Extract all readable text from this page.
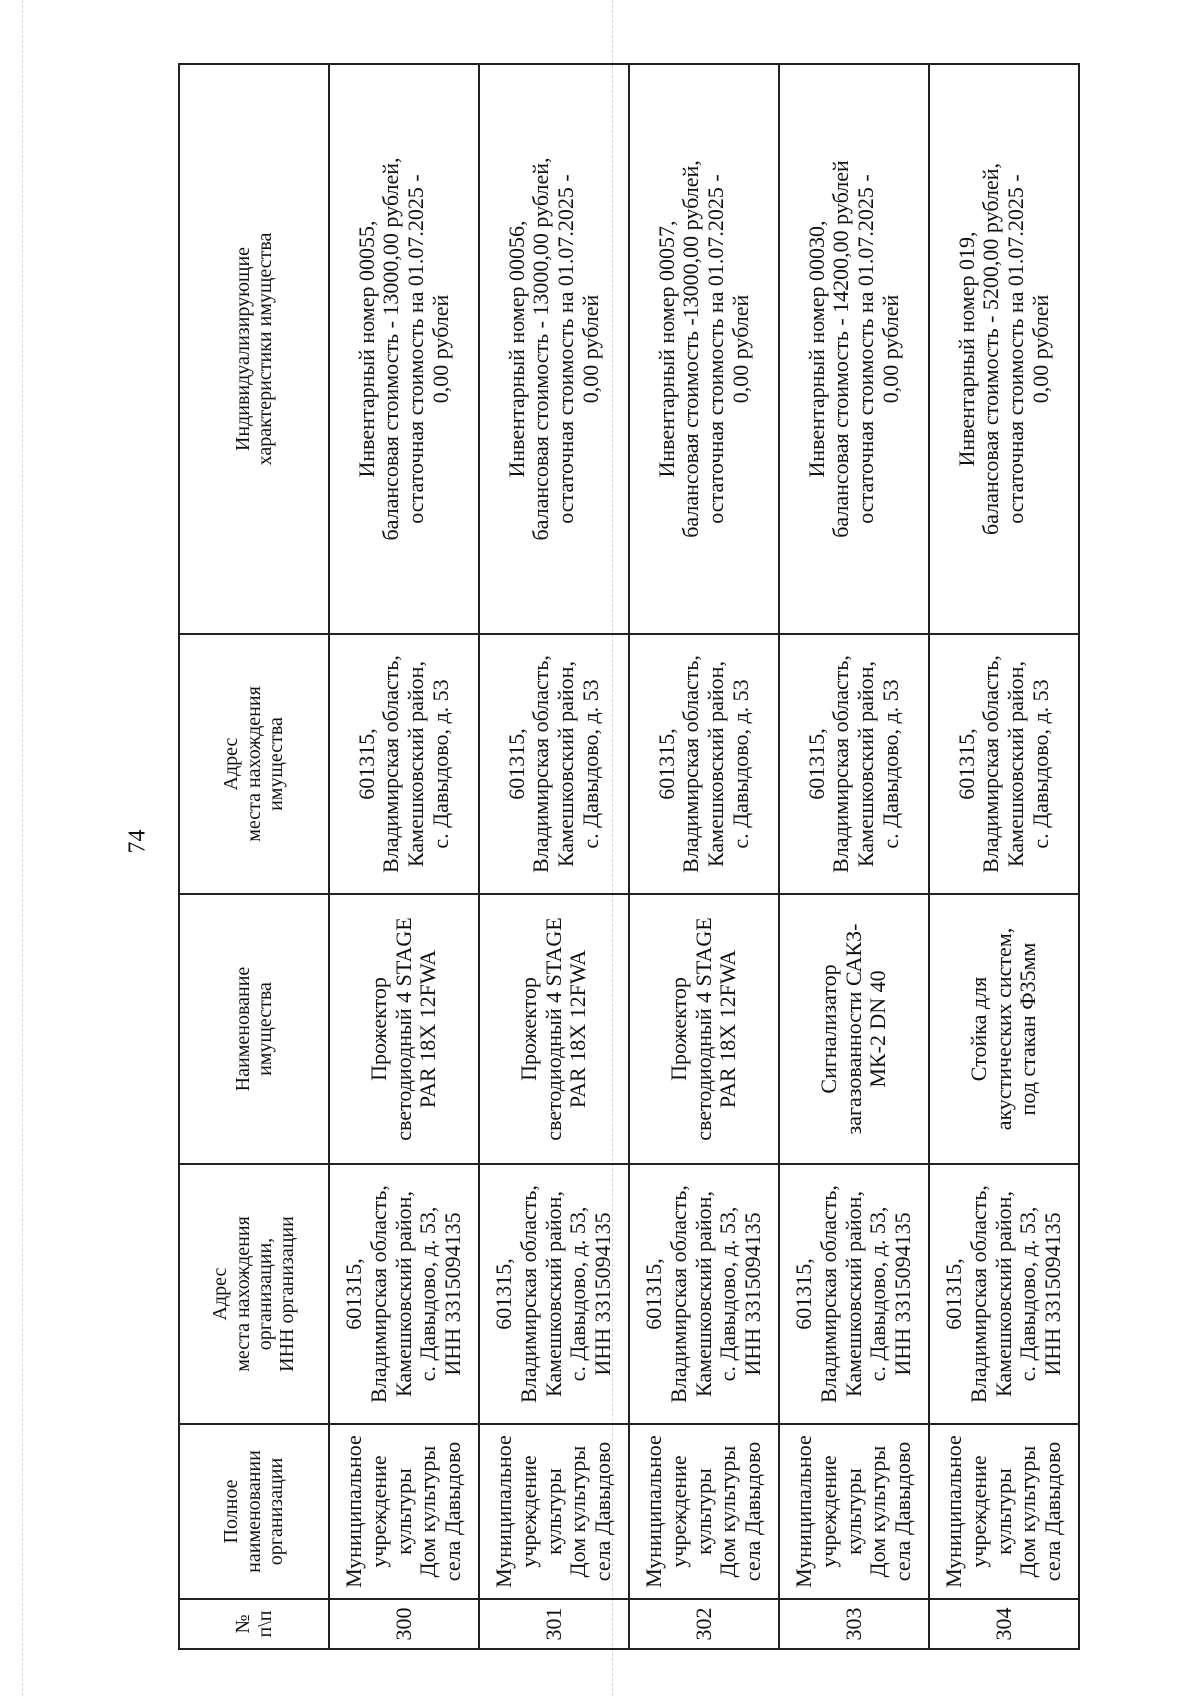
74
№
п\п	Полное
наименовании
организации	Адрес
места нахождения
организации,
ИНН организации	Наименование
имущества	Адрес
места нахождения
имущества	Индивидуализирующие
характеристики имущества
300	Муниципальное
учреждение
культуры
Дом культуры
села Давыдово	601315,
Владимирская область,
Камешковский район,
с. Давыдово, д. 53,
ИНН 3315094135	Прожектор
светодиодный 4 STAGE
PAR 18X 12FWA	601315,
Владимирская область,
Камешковский район,
с. Давыдово, д. 53	Инвентарный номер 00055,
балансовая стоимость - 13000,00 рублей,
остаточная стоимость на 01.07.2025 -
0,00 рублей
301	Муниципальное
учреждение
культуры
Дом культуры
села Давыдово	601315,
Владимирская область,
Камешковский район,
с. Давыдово, д. 53,
ИНН 3315094135	Прожектор
светодиодный 4 STAGE
PAR 18X 12FWA	601315,
Владимирская область,
Камешковский район,
с. Давыдово, д. 53	Инвентарный номер 00056,
балансовая стоимость - 13000,00 рублей,
остаточная стоимость на 01.07.2025 -
0,00 рублей
302	Муниципальное
учреждение
культуры
Дом культуры
села Давыдово	601315,
Владимирская область,
Камешковский район,
с. Давыдово, д. 53,
ИНН 3315094135	Прожектор
светодиодный 4 STAGE
PAR 18X 12FWA	601315,
Владимирская область,
Камешковский район,
с. Давыдово, д. 53	Инвентарный номер 00057,
балансовая стоимость -13000,00 рублей,
остаточная стоимость на 01.07.2025 -
0,00 рублей
303	Муниципальное
учреждение
культуры
Дом культуры
села Давыдово	601315,
Владимирская область,
Камешковский район,
с. Давыдово, д. 53,
ИНН 3315094135	Сигнализатор
загазованности САКЗ-
МК-2 DN 40	601315,
Владимирская область,
Камешковский район,
с. Давыдово, д. 53	Инвентарный номер 00030,
балансовая стоимость - 14200,00 рублей
остаточная стоимость на 01.07.2025 -
0,00 рублей
304	Муниципальное
учреждение
культуры
Дом культуры
села Давыдово	601315,
Владимирская область,
Камешковский район,
с. Давыдово, д. 53,
ИНН 3315094135	Стойка для
акустических систем,
под стакан Ф35мм	601315,
Владимирская область,
Камешковский район,
с. Давыдово, д. 53	Инвентарный номер 019,
балансовая стоимость - 5200,00 рублей,
остаточная стоимость на 01.07.2025 -
0,00 рублей
